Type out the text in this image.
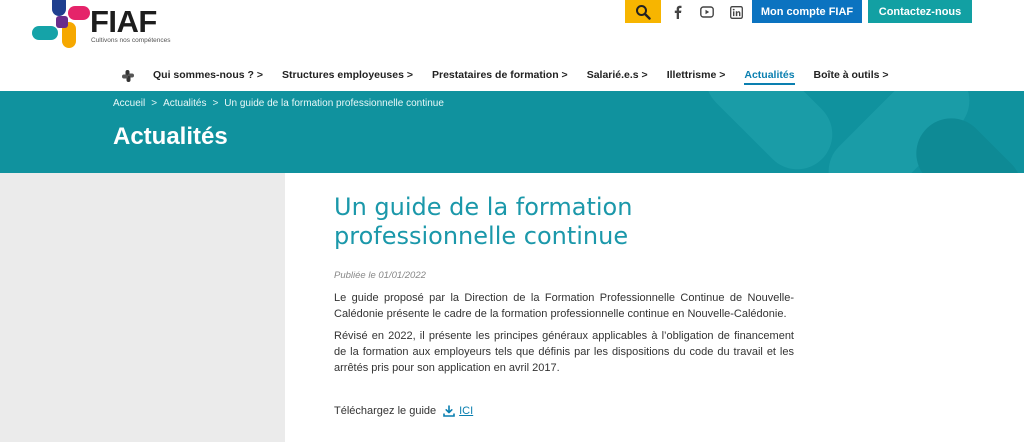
FIAF
Cultivons nos compétences
Mon compte FIAF	Contactez-nous
Qui sommes-nous ? > Structures employeuses > Prestataires de formation > Salarié.e.s > Illettrisme > Actualités Boîte à outils >
Accueil > Actualités > Un guide de la formation professionnelle continue
Actualités
Un guide de la formation professionnelle continue
Publiée le 01/01/2022

Le guide proposé par la Direction de la Formation Professionnelle Continue de Nouvelle-Calédonie présente le cadre de la formation professionnelle continue en Nouvelle-Calédonie.

Révisé en 2022, il présente les principes généraux applicables à l’obligation de financement de la formation aux employeurs tels que définis par les dispositions du code du travail et les arrêtés pris pour son application en avril 2017.

Téléchargez le guide ICI
